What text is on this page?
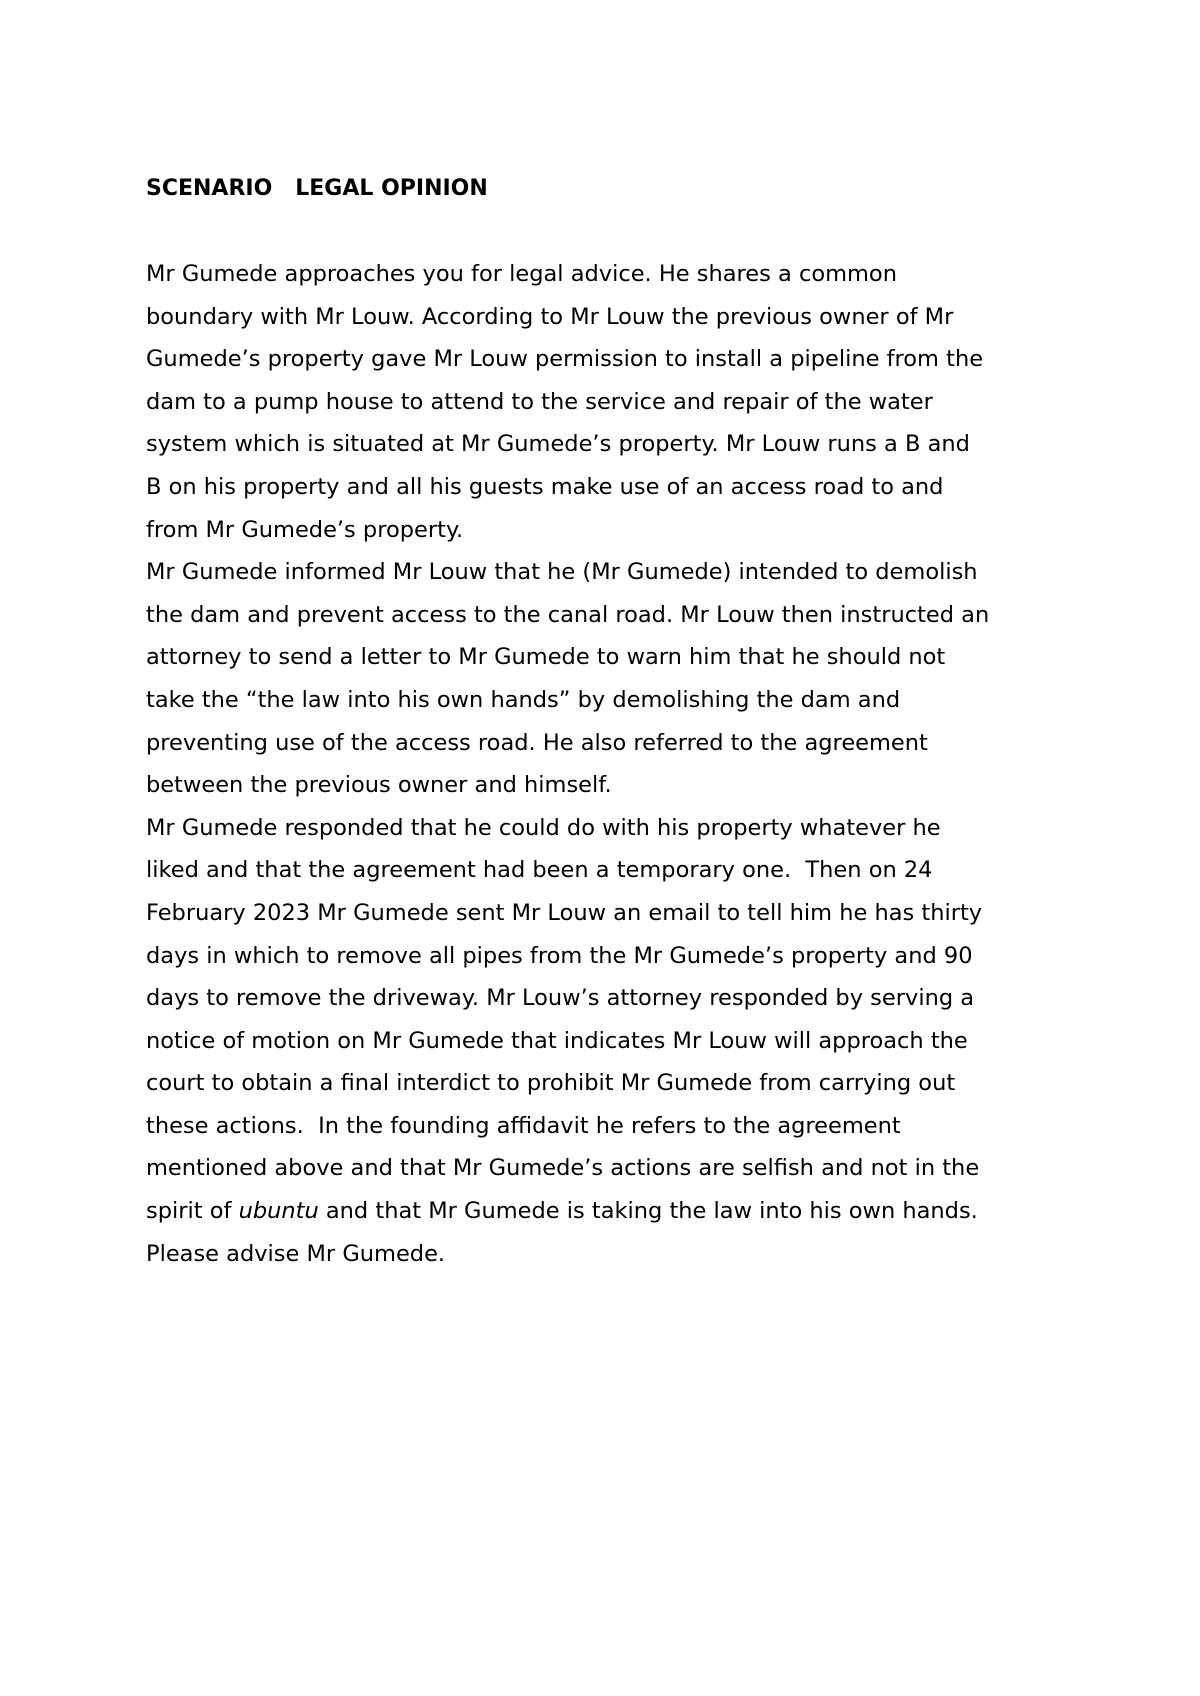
SCENARIO   LEGAL OPINION

Mr Gumede approaches you for legal advice. He shares a common
boundary with Mr Louw. According to Mr Louw the previous owner of Mr
Gumede’s property gave Mr Louw permission to install a pipeline from the
dam to a pump house to attend to the service and repair of the water
system which is situated at Mr Gumede’s property. Mr Louw runs a B and
B on his property and all his guests make use of an access road to and
from Mr Gumede’s property.

Mr Gumede informed Mr Louw that he (Mr Gumede) intended to demolish
the dam and prevent access to the canal road. Mr Louw then instructed an
attorney to send a letter to Mr Gumede to warn him that he should not
take the “the law into his own hands” by demolishing the dam and
preventing use of the access road. He also referred to the agreement
between the previous owner and himself.

Mr Gumede responded that he could do with his property whatever he
liked and that the agreement had been a temporary one.  Then on 24
February 2023 Mr Gumede sent Mr Louw an email to tell him he has thirty
days in which to remove all pipes from the Mr Gumede’s property and 90
days to remove the driveway. Mr Louw’s attorney responded by serving a
notice of motion on Mr Gumede that indicates Mr Louw will approach the
court to obtain a final interdict to prohibit Mr Gumede from carrying out
these actions.  In the founding affidavit he refers to the agreement
mentioned above and that Mr Gumede’s actions are selfish and not in the
spirit of ubuntu and that Mr Gumede is taking the law into his own hands.
Please advise Mr Gumede.
